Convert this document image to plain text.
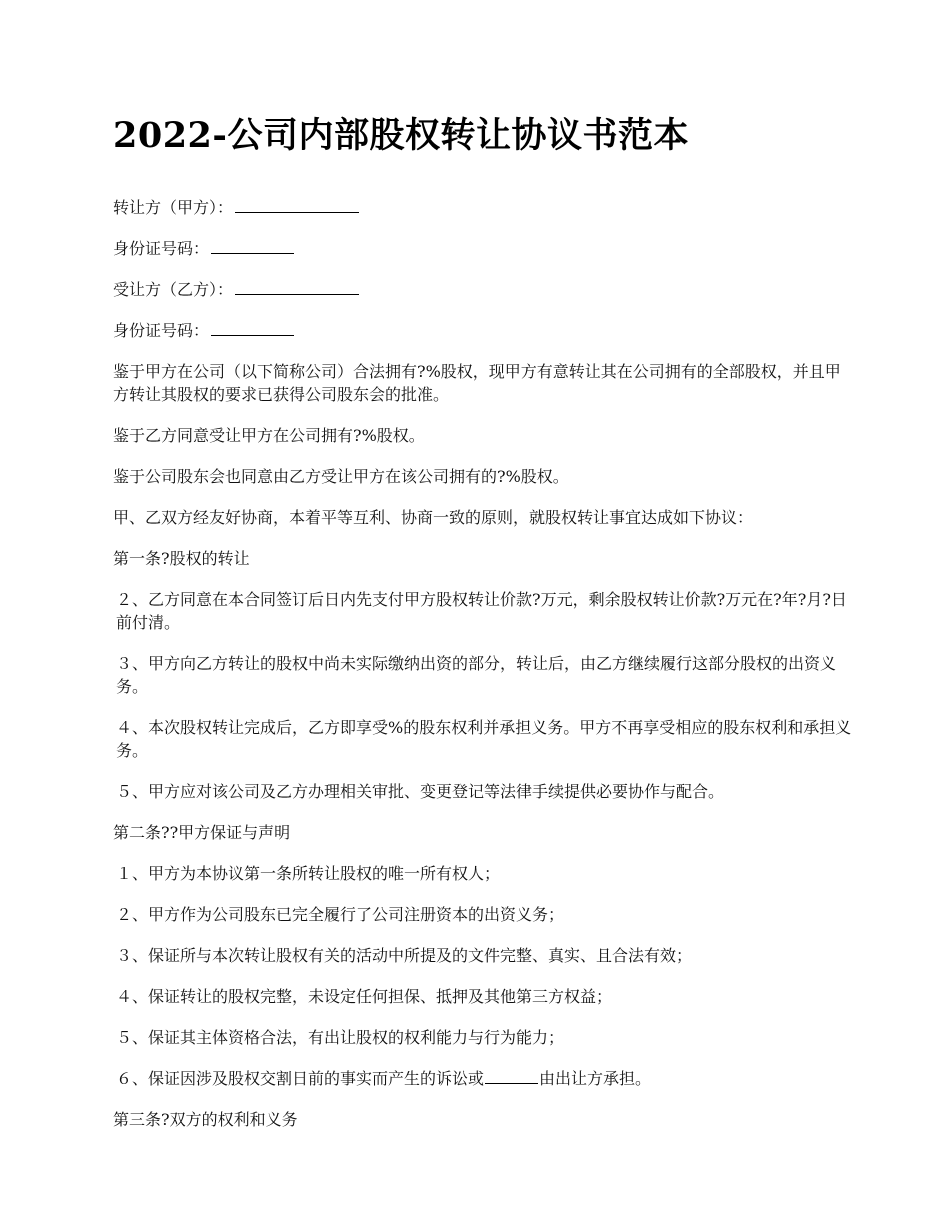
2022-公司内部股权转让协议书范本

转让方（甲方）：

身份证号码：

受让方（乙方）：

身份证号码：

鉴于甲方在公司（以下简称公司）合法拥有?%股权，现甲方有意转让其在公司拥有的全部股权，并且甲方转让其股权的要求已获得公司股东会的批准。

鉴于乙方同意受让甲方在公司拥有?%股权。

鉴于公司股东会也同意由乙方受让甲方在该公司拥有的?%股权。

甲、乙双方经友好协商，本着平等互利、协商一致的原则，就股权转让事宜达成如下协议：

第一条?股权的转让

２、乙方同意在本合同签订后日内先支付甲方股权转让价款?万元，剩余股权转让价款?万元在?年?月?日前付清。

３、甲方向乙方转让的股权中尚未实际缴纳出资的部分，转让后，由乙方继续履行这部分股权的出资义务。

４、本次股权转让完成后，乙方即享受%的股东权利并承担义务。甲方不再享受相应的股东权利和承担义务。

５、甲方应对该公司及乙方办理相关审批、变更登记等法律手续提供必要协作与配合。

第二条??甲方保证与声明

１、甲方为本协议第一条所转让股权的唯一所有权人；

２、甲方作为公司股东已完全履行了公司注册资本的出资义务；

３、保证所与本次转让股权有关的活动中所提及的文件完整、真实、且合法有效；

４、保证转让的股权完整，未设定任何担保、抵押及其他第三方权益；

５、保证其主体资格合法，有出让股权的权利能力与行为能力；

６、保证因涉及股权交割日前的事实而产生的诉讼或	由出让方承担。

第三条?双方的权利和义务
